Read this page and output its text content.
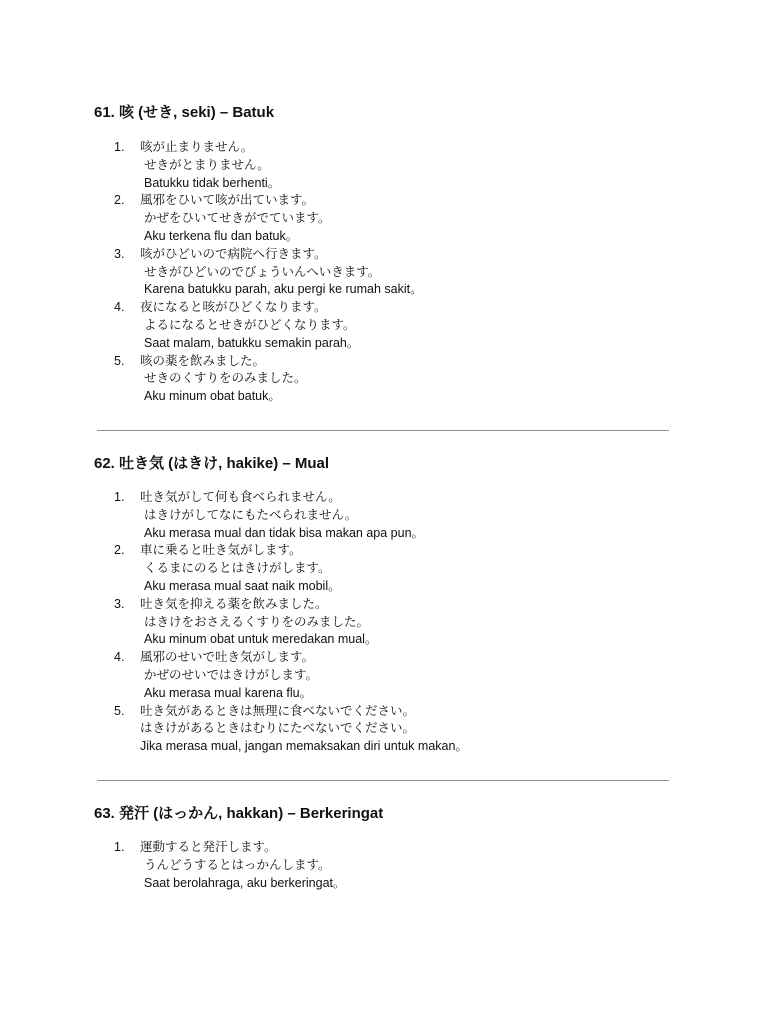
61. 咳 (せき, seki) – Batuk
1.	咳が止まりません。
せきがとまりません。
Batukku tidak berhenti。
2.	風邪をひいて咳が出ています。
かぜをひいてせきがでています。
Aku terkena flu dan batuk。
3.	咳がひどいので病院へ行きます。
せきがひどいのでびょういんへいきます。
Karena batukku parah, aku pergi ke rumah sakit。
4.	夜になると咳がひどくなります。
よるになるとせきがひどくなります。
Saat malam, batukku semakin parah。
5.	咳の薬を飲みました。
せきのくすりをのみました。
Aku minum obat batuk。
62. 吐き気 (はきけ, hakike) – Mual
1.	吐き気がして何も食べられません。
はきけがしてなにもたべられません。
Aku merasa mual dan tidak bisa makan apa pun。
2.	車に乗ると吐き気がします。
くるまにのるとはきけがします。
Aku merasa mual saat naik mobil。
3.	吐き気を抑える薬を飲みました。
はきけをおさえるくすりをのみました。
Aku minum obat untuk meredakan mual。
4.	風邪のせいで吐き気がします。
かぜのせいではきけがします。
Aku merasa mual karena flu。
5.	吐き気があるときは無理に食べないでください。
はきけがあるときはむりにたべないでください。
Jika merasa mual, jangan memaksakan diri untuk makan。
63. 発汗 (はっかん, hakkan) – Berkeringat
1.	運動すると発汗します。
うんどうするとはっかんします。
Saat berolahraga, aku berkeringat。
